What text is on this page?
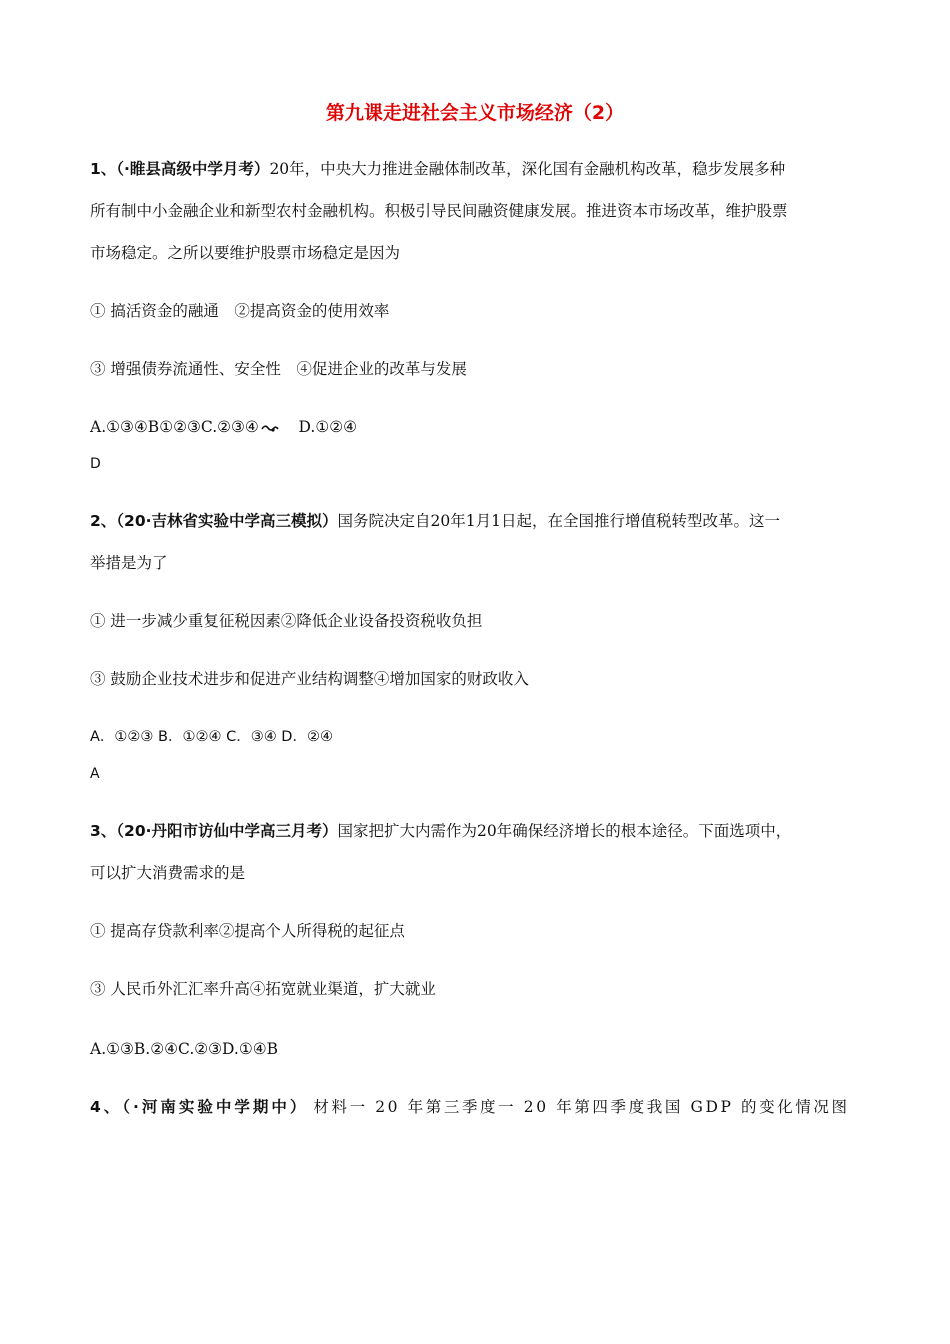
第九课走进社会主义市场经济（2）
1、（·睢县高级中学月考）20年，中央大力推进金融体制改革，深化国有金融机构改革，稳步发展多种
所有制中小金融企业和新型农村金融机构。积极引导民间融资健康发展。推进资本市场改革，维护股票
市场稳定。之所以要维护股票市场稳定是因为
① 搞活资金的融通　②提高资金的使用效率
③ 增强债券流通性、安全性　④促进企业的改革与发展
A.①③④B①②③C.②③④	D.①②④
D
2、（20·吉林省实验中学高三模拟）国务院决定自20年1月1日起，在全国推行增值税转型改革。这一
举措是为了
① 进一步减少重复征税因素②降低企业设备投资税收负担
③ 鼓励企业技术进步和促进产业结构调整④增加国家的财政收入
A．①②③ B．①②④ C．③④ D．②④
A
3、（20·丹阳市访仙中学高三月考）国家把扩大内需作为20年确保经济增长的根本途径。下面选项中，
可以扩大消费需求的是
① 提高存贷款利率②提高个人所得税的起征点
③ 人民币外汇汇率升高④拓宽就业渠道，扩大就业
A.①③B.②④C.②③D.①④B
4、（·河南实验中学期中） 材料一 20 年第三季度一 20 年第四季度我国 GDP 的变化情况图
